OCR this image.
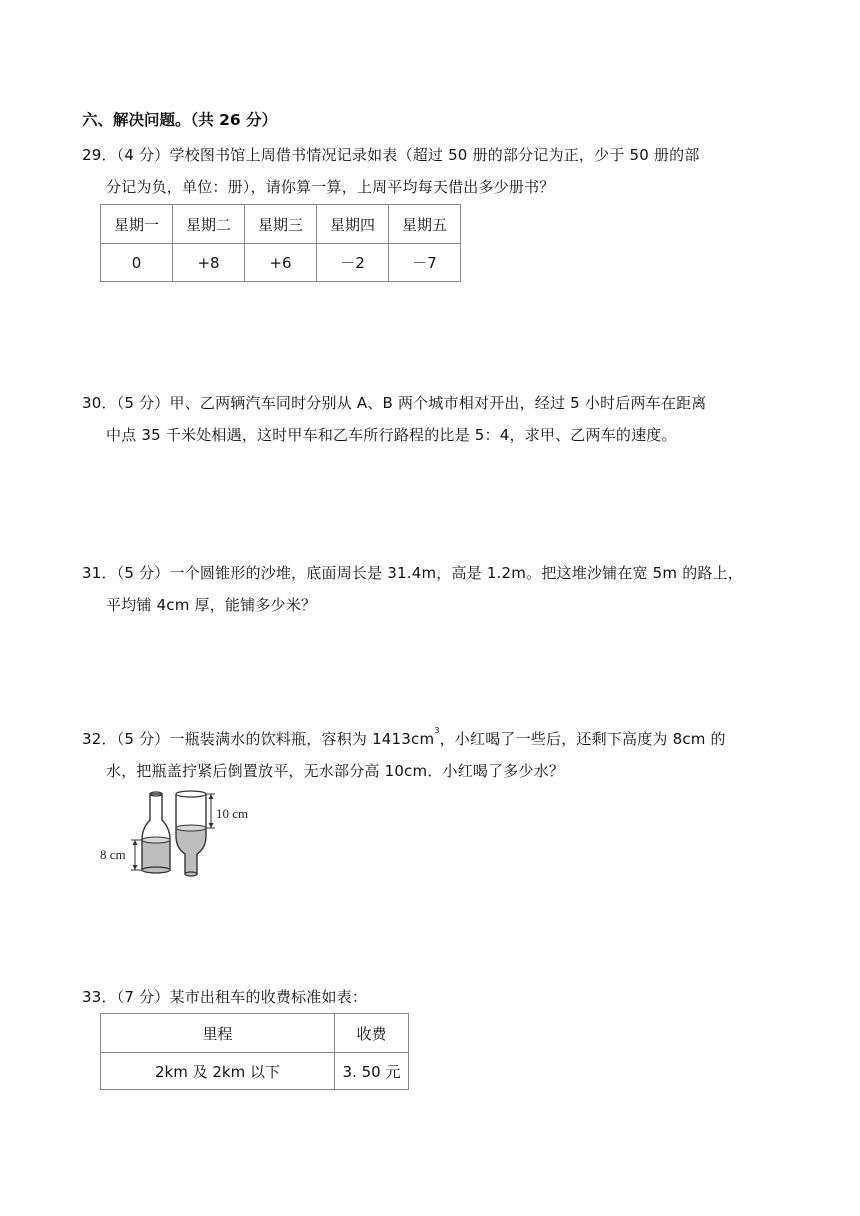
六、解决问题。（共 26 分）
29．（4 分）学校图书馆上周借书情况记录如表（超过 50 册的部分记为正，少于 50 册的部
分记为负，单位：册），请你算一算，上周平均每天借出多少册书？
星期一	星期二	星期三	星期四	星期五
0	+8	+6	－2	－7
30．（5 分）甲、乙两辆汽车同时分别从 A、B 两个城市相对开出，经过 5 小时后两车在距离
中点 35 千米处相遇，这时甲车和乙车所行路程的比是 5：4，求甲、乙两车的速度。
31．（5 分）一个圆锥形的沙堆，底面周长是 31.4m，高是 1.2m。把这堆沙铺在宽 5m 的路上，
平均铺 4cm 厚，能铺多少米？
32．（5 分）一瓶装满水的饮料瓶，容积为 $1413cm^3$，小红喝了一些后，还剩下高度为 8cm 的
水，把瓶盖拧紧后倒置放平，无水部分高 10cm．小红喝了多少水？
8 cm
10 cm
33．（7 分）某市出租车的收费标准如表：
里程	收费
2km 及 2km 以下	3. 50 元
